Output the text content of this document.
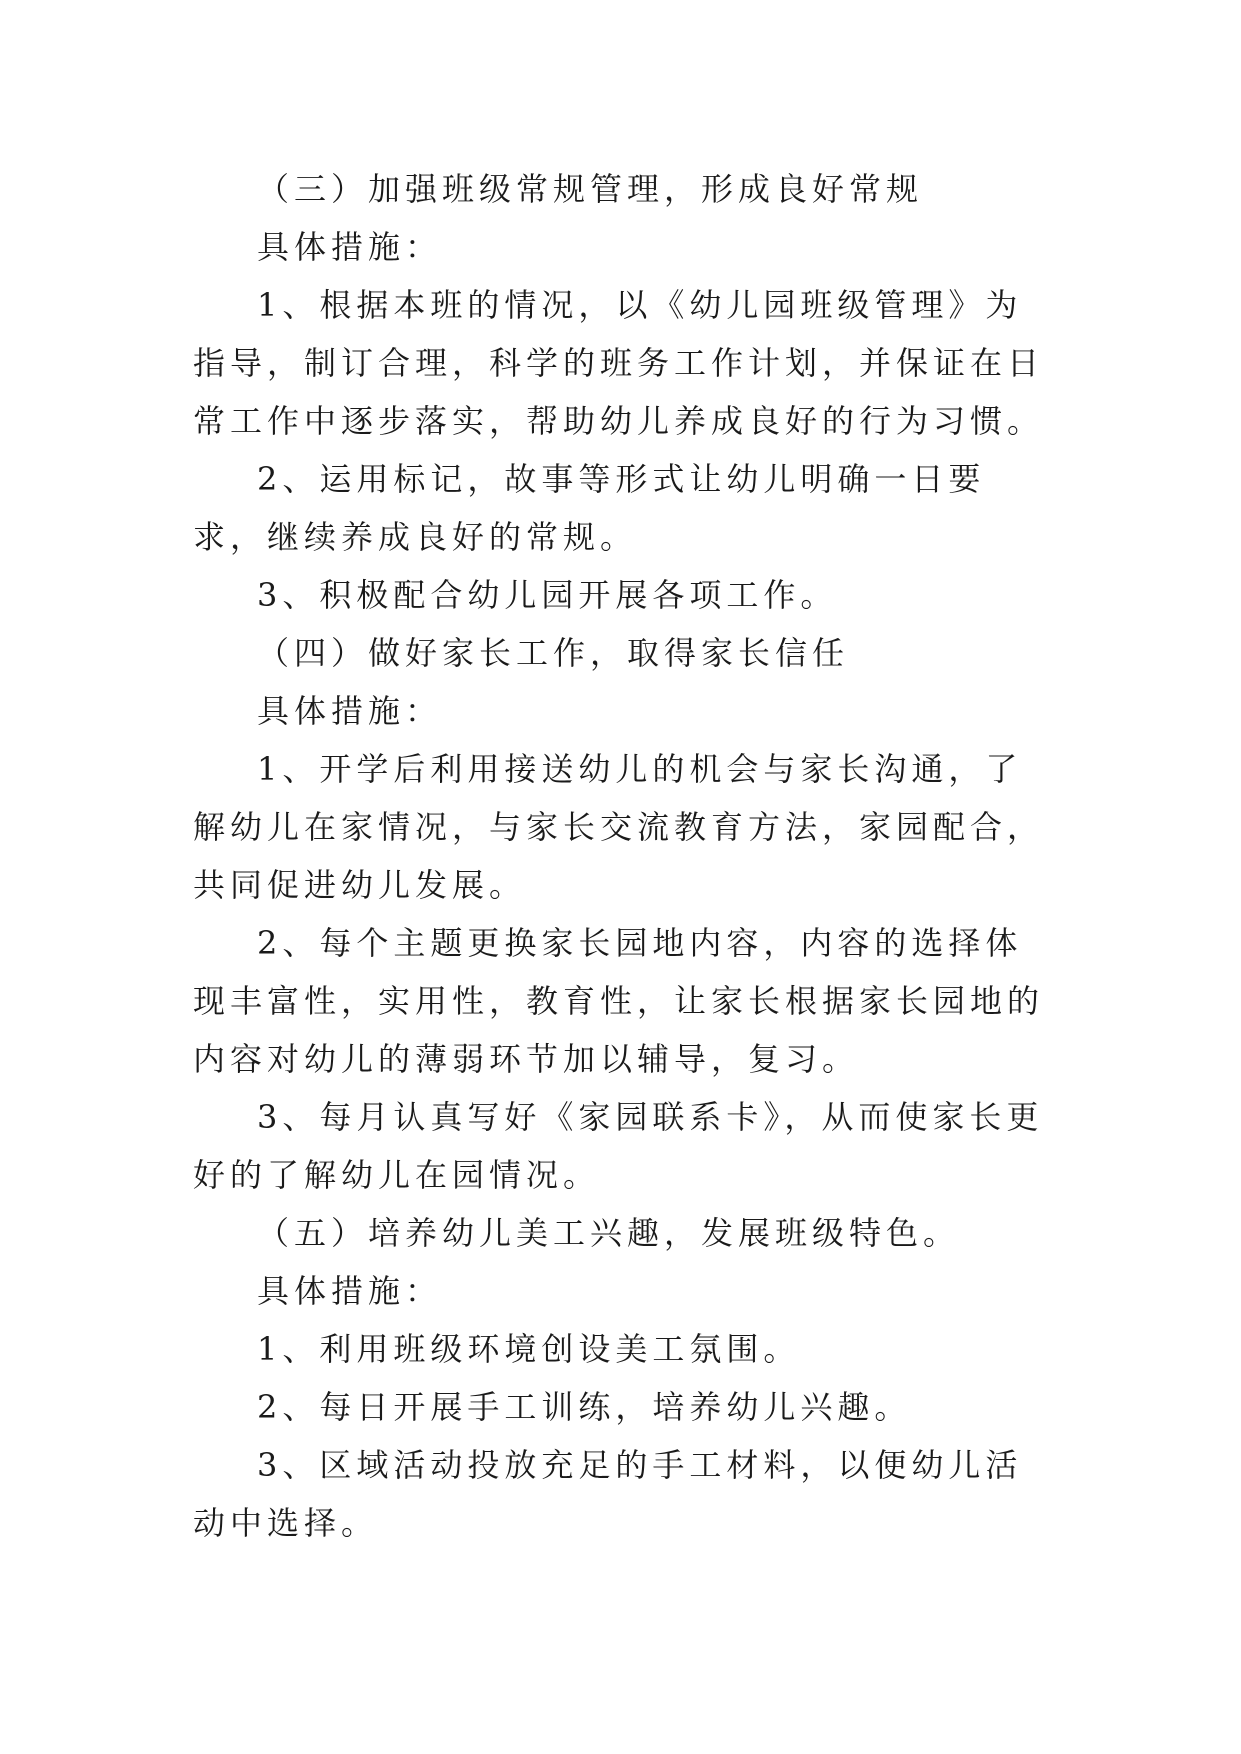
（三）加强班级常规管理，形成良好常规

具体措施：

1、根据本班的情况，以《幼儿园班级管理》为指导，制订合理，科学的班务工作计划，并保证在日常工作中逐步落实，帮助幼儿养成良好的行为习惯。

2、运用标记，故事等形式让幼儿明确一日要求，继续养成良好的常规。

3、积极配合幼儿园开展各项工作。

（四）做好家长工作，取得家长信任

具体措施：

1、开学后利用接送幼儿的机会与家长沟通，了解幼儿在家情况，与家长交流教育方法，家园配合，共同促进幼儿发展。

2、每个主题更换家长园地内容，内容的选择体现丰富性，实用性，教育性，让家长根据家长园地的内容对幼儿的薄弱环节加以辅导，复习。

3、每月认真写好《家园联系卡》，从而使家长更好的了解幼儿在园情况。

（五）培养幼儿美工兴趣，发展班级特色。

具体措施：

1、利用班级环境创设美工氛围。

2、每日开展手工训练，培养幼儿兴趣。

3、区域活动投放充足的手工材料，以便幼儿活动中选择。
